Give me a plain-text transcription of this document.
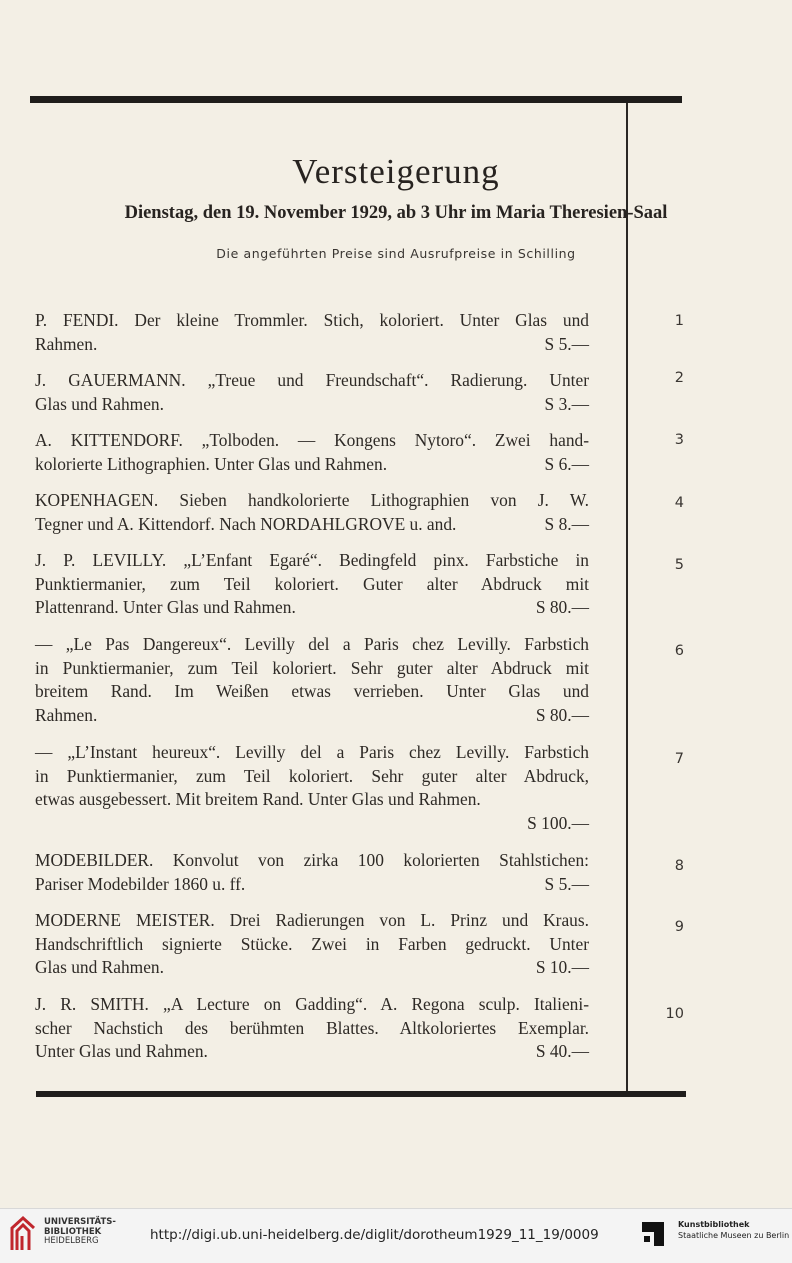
Versteigerung
Dienstag, den 19. November 1929, ab 3 Uhr im Maria Theresien-Saal
Die angeführten Preise sind Ausrufpreise in Schilling
P. FENDI. Der kleine Trommler. Stich, koloriert. Unter Glas und
S 5.—
Rahmen.
1
J. GAUERMANN. „Treue und Freundschaft“. Radierung. Unter
S 3.—
Glas und Rahmen.
2
A. KITTENDORF. „Tolboden. — Kongens Nytoro“. Zwei hand-
S 6.—
kolorierte Lithographien. Unter Glas und Rahmen.
3
KOPENHAGEN. Sieben handkolorierte Lithographien von J. W.
S 8.—
Tegner und A. Kittendorf. Nach NORDAHLGROVE u. and.
4
J. P. LEVILLY. „L’Enfant Egaré“. Bedingfeld pinx. Farbstiche in
Punktiermanier, zum Teil koloriert. Guter alter Abdruck mit
S 80.—
Plattenrand. Unter Glas und Rahmen.
5
— „Le Pas Dangereux“. Levilly del a Paris chez Levilly. Farbstich
in Punktiermanier, zum Teil koloriert. Sehr guter alter Abdruck mit
breitem Rand. Im Weißen etwas verrieben. Unter Glas und
S 80.—
Rahmen.
6
— „L’Instant heureux“. Levilly del a Paris chez Levilly. Farbstich
in Punktiermanier, zum Teil koloriert. Sehr guter alter Abdruck,
etwas ausgebessert. Mit breitem Rand. Unter Glas und Rahmen.
S 100.—
7
MODEBILDER. Konvolut von zirka 100 kolorierten Stahlstichen:
S 5.—
Pariser Modebilder 1860 u. ff.
8
MODERNE MEISTER. Drei Radierungen von L. Prinz und Kraus.
Handschriftlich signierte Stücke. Zwei in Farben gedruckt. Unter
S 10.—
Glas und Rahmen.
9
J. R. SMITH. „A Lecture on Gadding“. A. Regona sculp. Italieni-
scher Nachstich des berühmten Blattes. Altkoloriertes Exemplar.
S 40.—
Unter Glas und Rahmen.
10
UNIVERSITÄTS-
BIBLIOTHEK
HEIDELBERG	http://digi.ub.uni-heidelberg.de/diglit/dorotheum1929_11_19/0009
Kunstbibliothek
Staatliche Museen zu Berlin
